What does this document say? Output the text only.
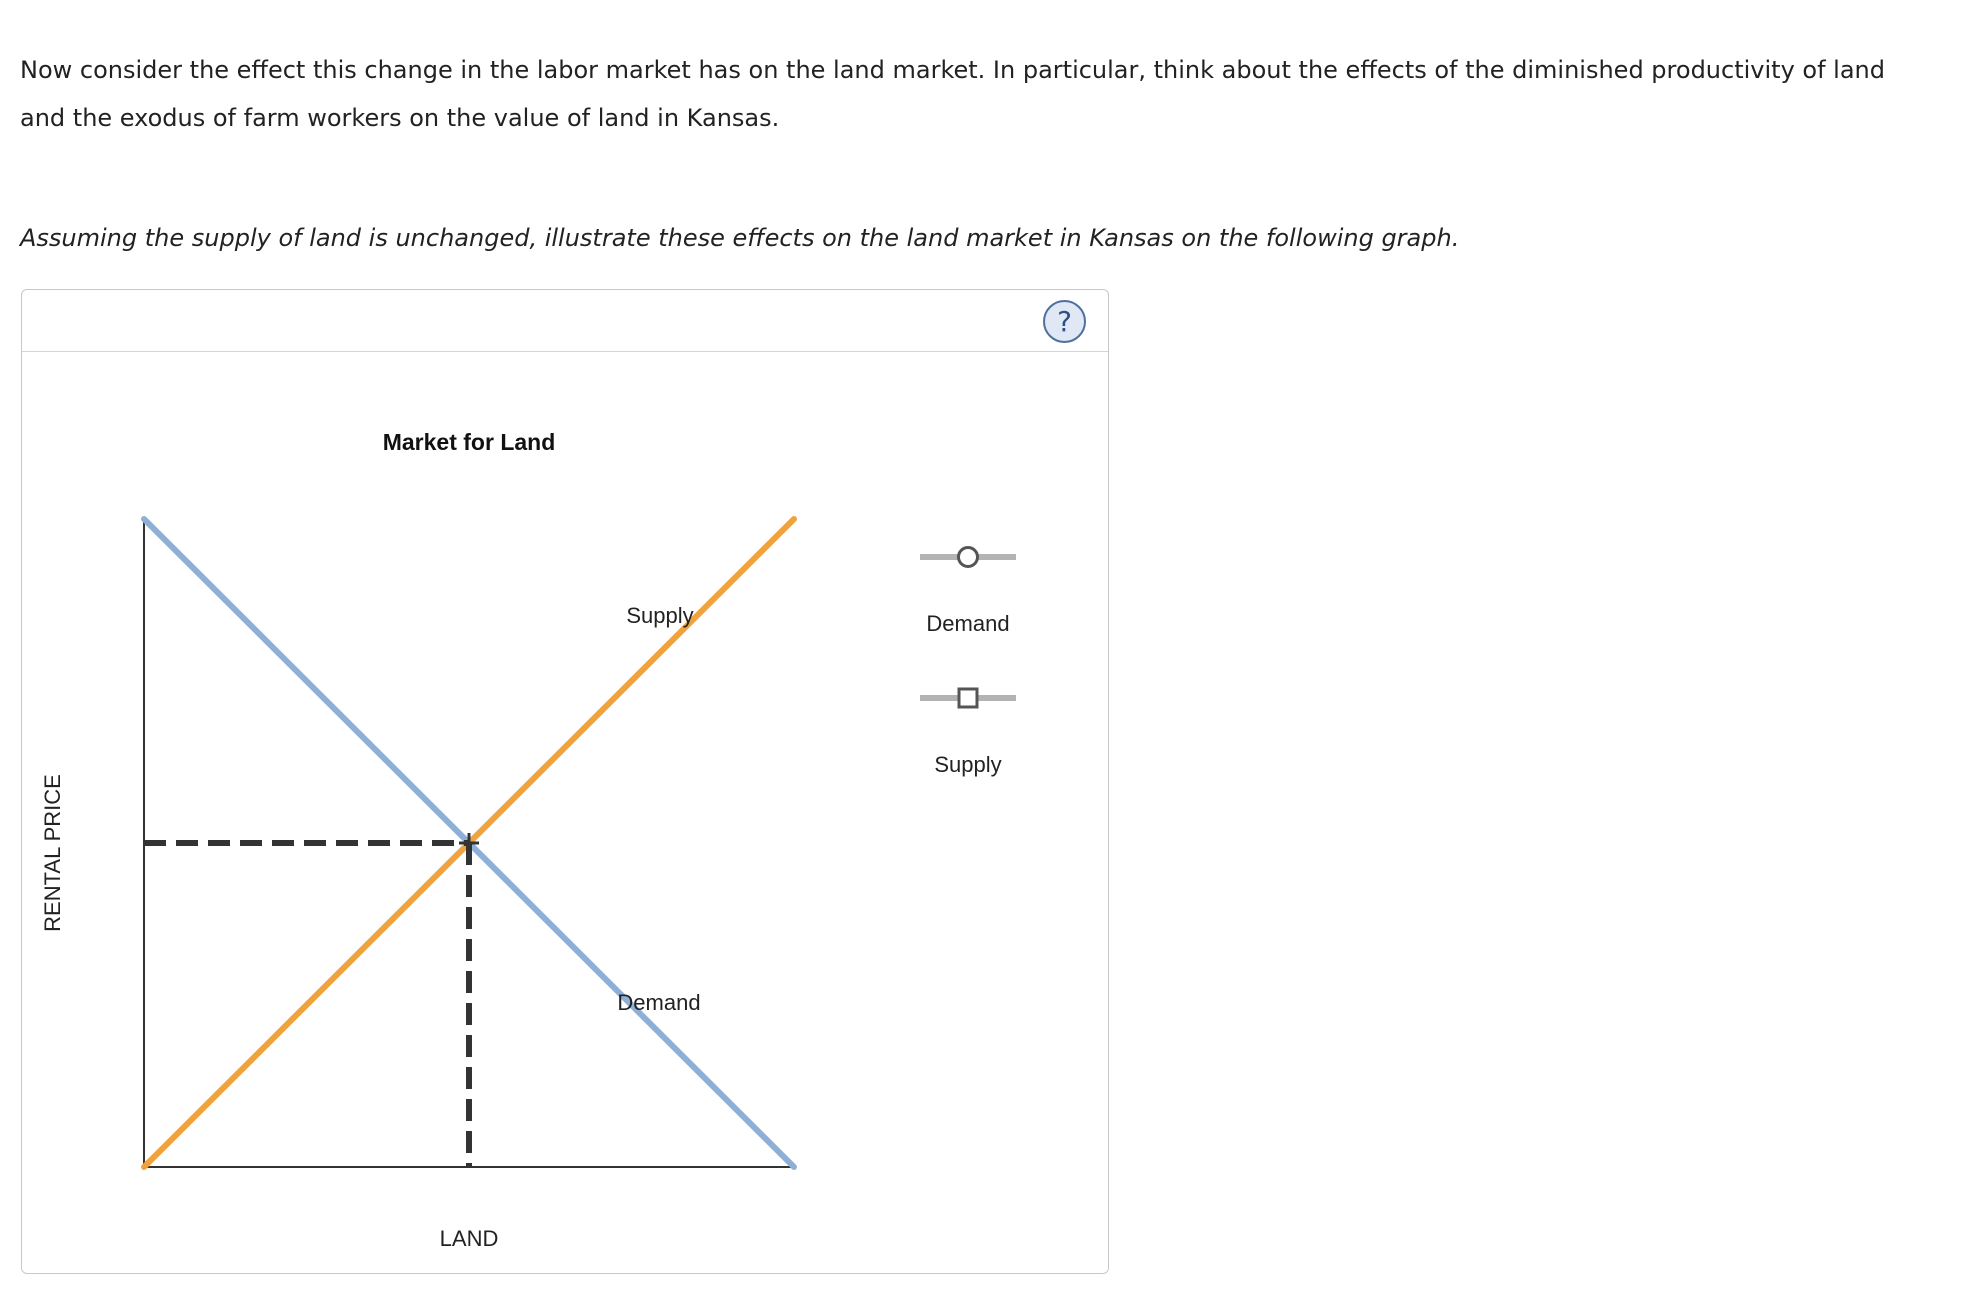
Now consider the effect this change in the labor market has on the land market. In particular, think about the effects of the diminished productivity of land and the exodus of farm workers on the value of land in Kansas.

Assuming the supply of land is unchanged, illustrate these effects on the land market in Kansas on the following graph.

?
Market for Land
Supply
Demand
LAND
RENTAL PRICE
Demand
Supply
